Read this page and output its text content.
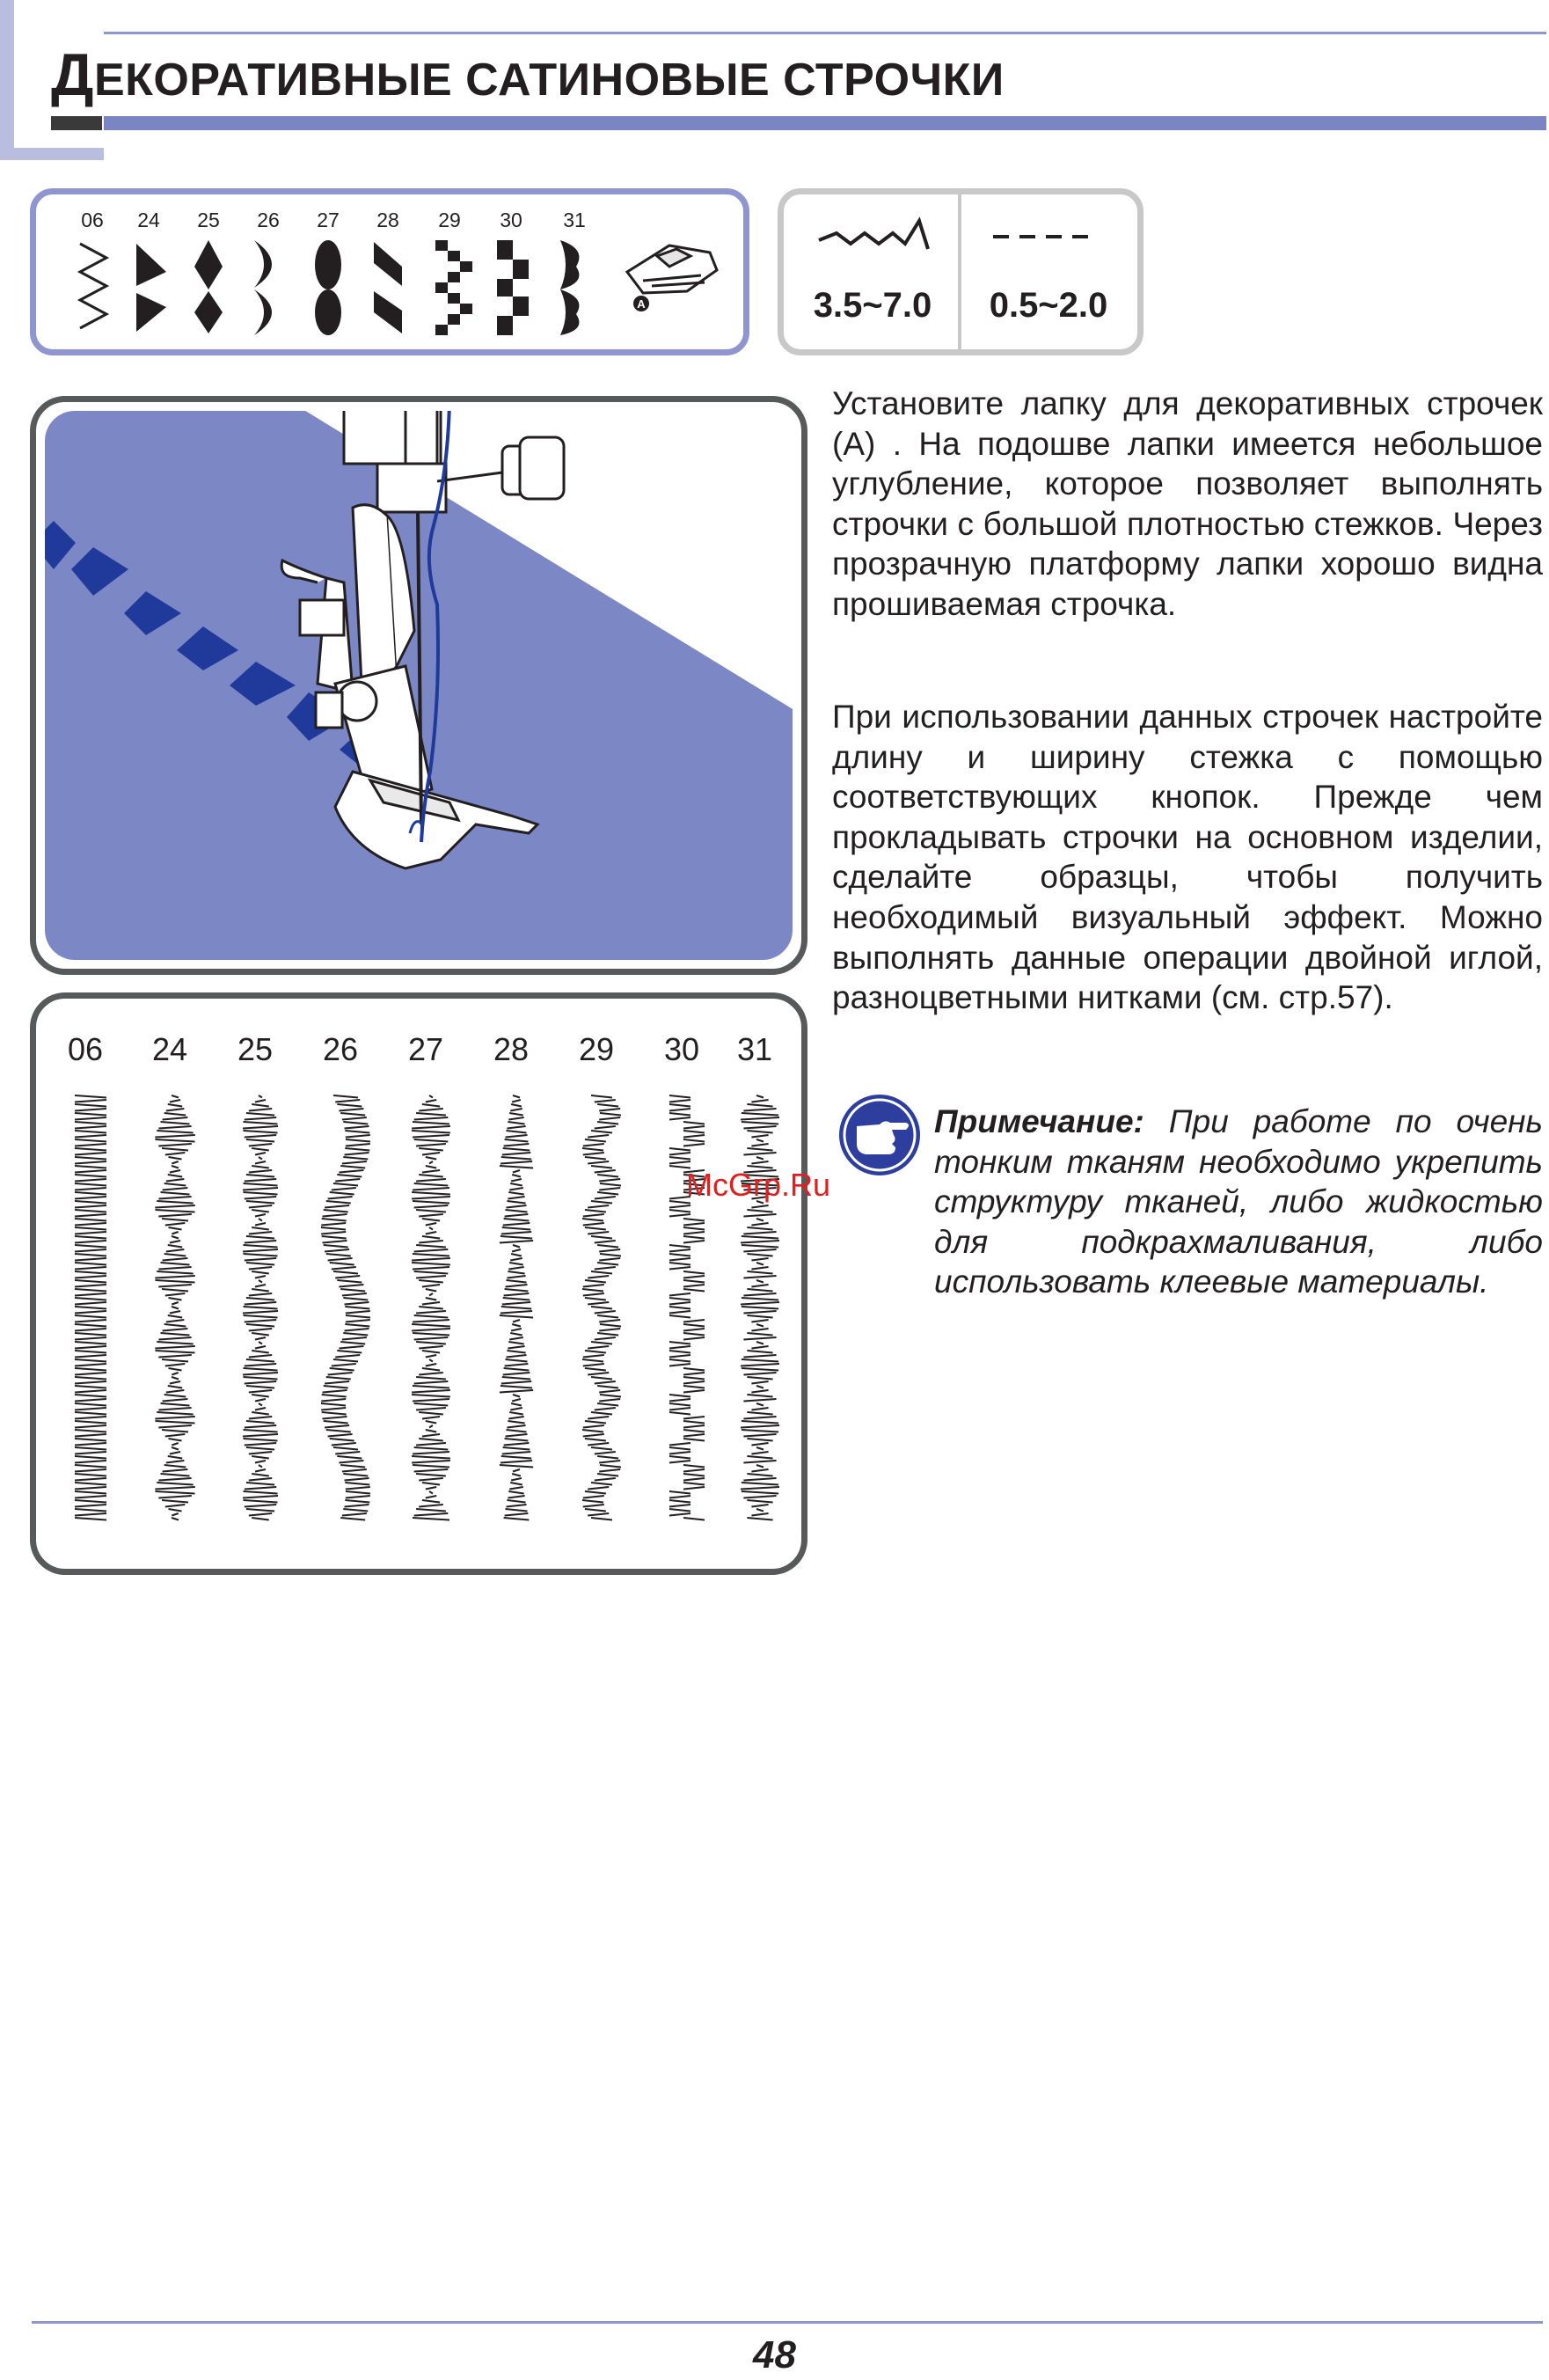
ДЕКОРАТИВНЫЕ САТИНОВЫЕ СТРОЧКИ
06	24	25	26	27	28	29	30	31
A	3.5~7.0	0.5~2.0
06	24	25	26	27	28	29	30	31
Установите лапку для декоративных строчек (A) . На подошве лапки имеется небольшое углубление, которое позволяет выполнять строчки с большой плотностью стежков. Через прозрачную платформу лапки хорошо видна прошиваемая строчка.
При использовании данных строчек настройте длину и ширину стежка с помощью соответствующих кнопок. Прежде чем прокладывать строчки на основном изделии, сделайте образцы, чтобы получить необходимый визуальный эффект. Можно выполнять данные операции двойной иглой, разноцветными нитками (см. стр.57).
Примечание: При работе по очень тонким тканям необходимо укрепить структуру тканей, либо жидкостью для подкрахмаливания, либо использовать клеевые материалы.
McGrp.Ru
48
